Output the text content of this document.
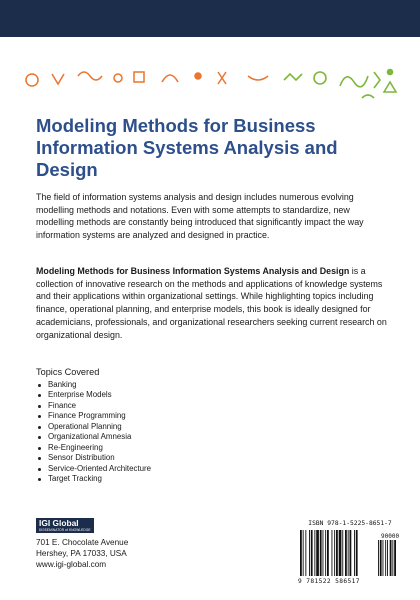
Modeling Methods for Business Information Systems Analysis and Design

The field of information systems analysis and design includes numerous evolving modelling methods and notations. Even with some attempts to standardize, new modelling methods are constantly being introduced that significantly impact the way information systems are analyzed and designed in practice.

Modeling Methods for Business Information Systems Analysis and Design is a collection of innovative research on the methods and applications of knowledge systems and their applications within organizational settings. While highlighting topics including finance, operational planning, and enterprise models, this book is ideally designed for academicians, professionals, and organizational researchers seeking current research on organizational design.

Topics Covered
Banking
Enterprise Models
Finance
Finance Programming
Operational Planning
Organizational Amnesia
Re-Engineering
Sensor Distribution
Service-Oriented Architecture
Target Tracking
IGI Global
DISSEMINATOR of KNOWLEDGE
701 E. Chocolate Avenue
Hershey, PA 17033, USA
www.igi-global.com
ISBN 978-1-5225-8651-7
90000
9 781522 586517
